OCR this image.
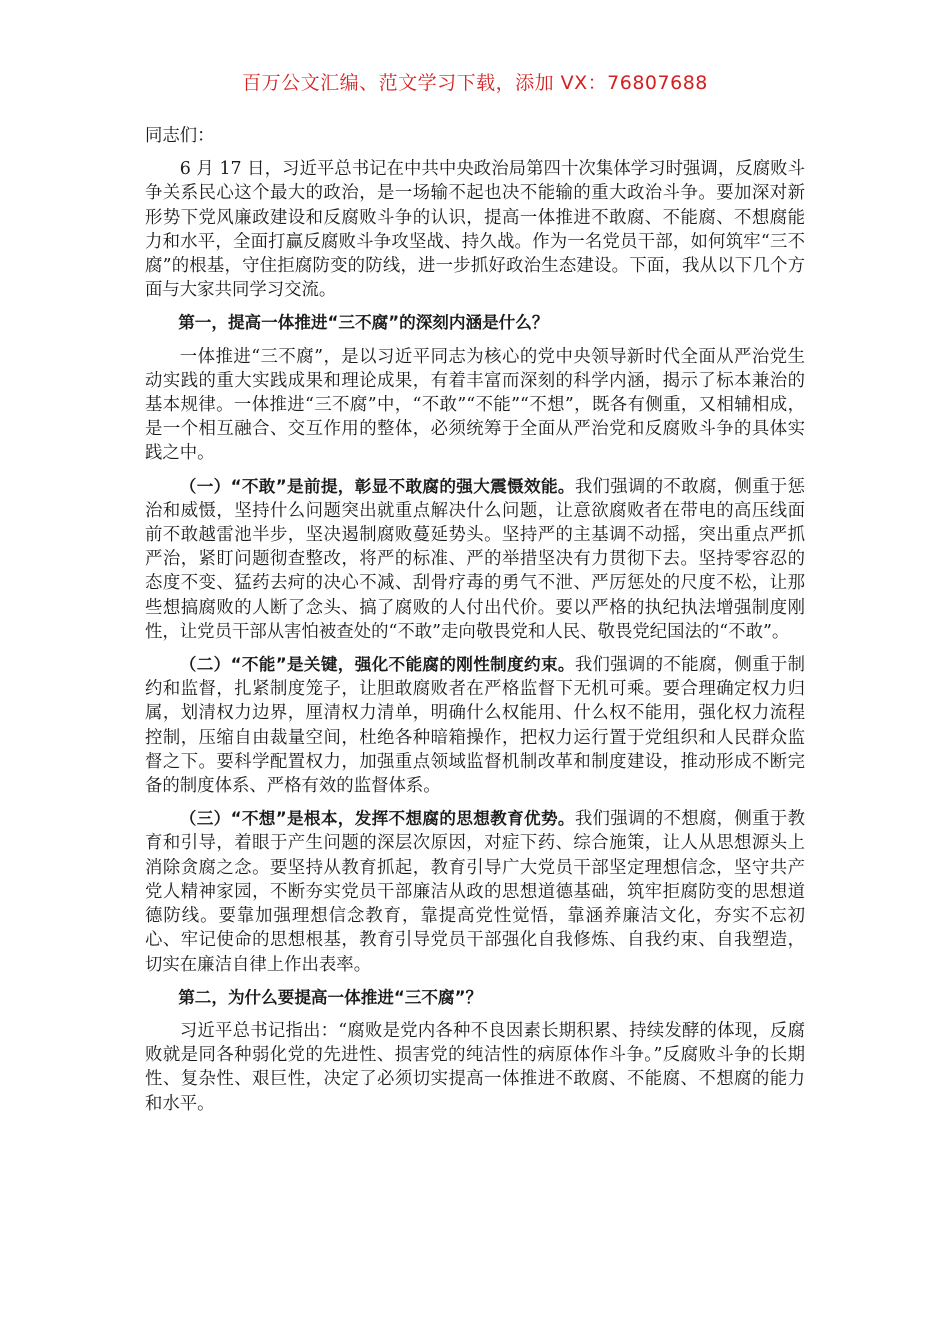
百万公文汇编、范文学习下载，添加 VX：76807688

同志们：

6 月 17 日，习近平总书记在中共中央政治局第四十次集体学习时强调，反腐败斗争关系民心这个最大的政治，是一场输不起也决不能输的重大政治斗争。要加深对新形势下党风廉政建设和反腐败斗争的认识，提高一体推进不敢腐、不能腐、不想腐能力和水平，全面打赢反腐败斗争攻坚战、持久战。作为一名党员干部，如何筑牢“三不腐”的根基，守住拒腐防变的防线，进一步抓好政治生态建设。下面，我从以下几个方面与大家共同学习交流。

第一，提高一体推进“三不腐”的深刻内涵是什么？

一体推进“三不腐”，是以习近平同志为核心的党中央领导新时代全面从严治党生动实践的重大实践成果和理论成果，有着丰富而深刻的科学内涵，揭示了标本兼治的基本规律。一体推进“三不腐”中，“不敢”“不能”“不想”，既各有侧重，又相辅相成，是一个相互融合、交互作用的整体，必须统筹于全面从严治党和反腐败斗争的具体实践之中。

（一）“不敢”是前提，彰显不敢腐的强大震慑效能。我们强调的不敢腐，侧重于惩治和威慑，坚持什么问题突出就重点解决什么问题，让意欲腐败者在带电的高压线面前不敢越雷池半步，坚决遏制腐败蔓延势头。坚持严的主基调不动摇，突出重点严抓严治，紧盯问题彻查整改，将严的标准、严的举措坚决有力贯彻下去。坚持零容忍的态度不变、猛药去疴的决心不减、刮骨疗毒的勇气不泄、严厉惩处的尺度不松，让那些想搞腐败的人断了念头、搞了腐败的人付出代价。要以严格的执纪执法增强制度刚性，让党员干部从害怕被查处的“不敢”走向敬畏党和人民、敬畏党纪国法的“不敢”。

（二）“不能”是关键，强化不能腐的刚性制度约束。我们强调的不能腐，侧重于制约和监督，扎紧制度笼子，让胆敢腐败者在严格监督下无机可乘。要合理确定权力归属，划清权力边界，厘清权力清单，明确什么权能用、什么权不能用，强化权力流程控制，压缩自由裁量空间，杜绝各种暗箱操作，把权力运行置于党组织和人民群众监督之下。要科学配置权力，加强重点领域监督机制改革和制度建设，推动形成不断完备的制度体系、严格有效的监督体系。

（三）“不想”是根本，发挥不想腐的思想教育优势。我们强调的不想腐，侧重于教育和引导，着眼于产生问题的深层次原因，对症下药、综合施策，让人从思想源头上消除贪腐之念。要坚持从教育抓起，教育引导广大党员干部坚定理想信念，坚守共产党人精神家园，不断夯实党员干部廉洁从政的思想道德基础，筑牢拒腐防变的思想道德防线。要靠加强理想信念教育，靠提高党性觉悟，靠涵养廉洁文化，夯实不忘初心、牢记使命的思想根基，教育引导党员干部强化自我修炼、自我约束、自我塑造，切实在廉洁自律上作出表率。

第二，为什么要提高一体推进“三不腐”？

习近平总书记指出：“腐败是党内各种不良因素长期积累、持续发酵的体现，反腐败就是同各种弱化党的先进性、损害党的纯洁性的病原体作斗争。”反腐败斗争的长期性、复杂性、艰巨性，决定了必须切实提高一体推进不敢腐、不能腐、不想腐的能力和水平。
